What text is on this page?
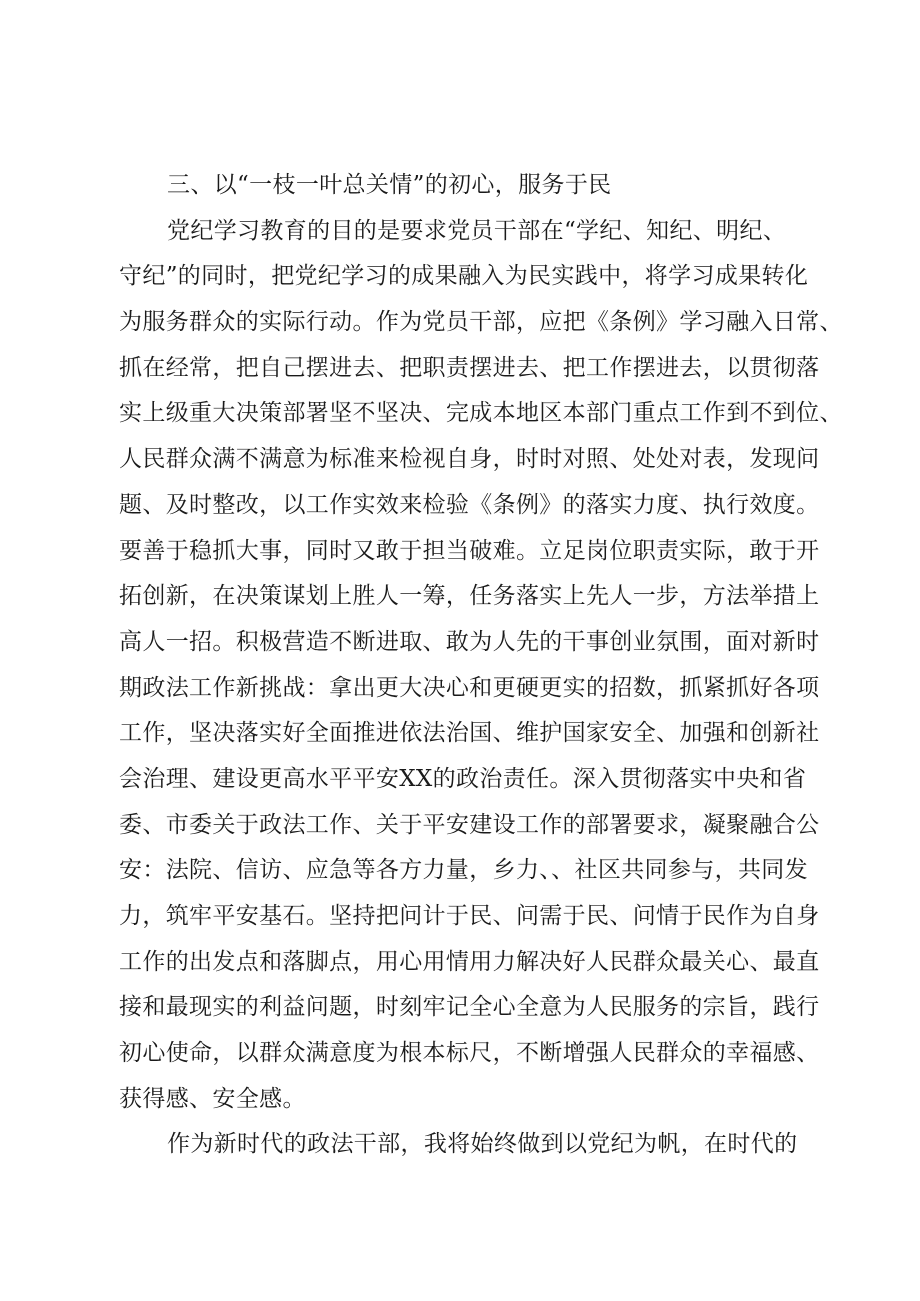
三、以“一枝一叶总关情”的初心，服务于民
党纪学习教育的目的是要求党员干部在“学纪、知纪、明纪、
守纪”的同时，把党纪学习的成果融入为民实践中，将学习成果转化
为服务群众的实际行动。作为党员干部，应把《条例》学习融入日常、
抓在经常，把自己摆进去、把职责摆进去、把工作摆进去，以贯彻落
实上级重大决策部署坚不坚决、完成本地区本部门重点工作到不到位、
人民群众满不满意为标准来检视自身，时时对照、处处对表，发现问
题、及时整改，以工作实效来检验《条例》的落实力度、执行效度。
要善于稳抓大事，同时又敢于担当破难。立足岗位职责实际，敢于开
拓创新，在决策谋划上胜人一筹，任务落实上先人一步，方法举措上
高人一招。积极营造不断进取、敢为人先的干事创业氛围，面对新时
期政法工作新挑战：拿出更大决心和更硬更实的招数，抓紧抓好各项
工作，坚决落实好全面推进依法治国、维护国家安全、加强和创新社
会治理、建设更高水平平安XX的政治责任。深入贯彻落实中央和省
委、市委关于政法工作、关于平安建设工作的部署要求，凝聚融合公
安：法院、信访、应急等各方力量，乡力、、社区共同参与，共同发
力，筑牢平安基石。坚持把问计于民、问需于民、问情于民作为自身
工作的出发点和落脚点，用心用情用力解决好人民群众最关心、最直
接和最现实的利益问题，时刻牢记全心全意为人民服务的宗旨，践行
初心使命，以群众满意度为根本标尺，不断增强人民群众的幸福感、
获得感、安全感。
作为新时代的政法干部，我将始终做到以党纪为帆，在时代的
